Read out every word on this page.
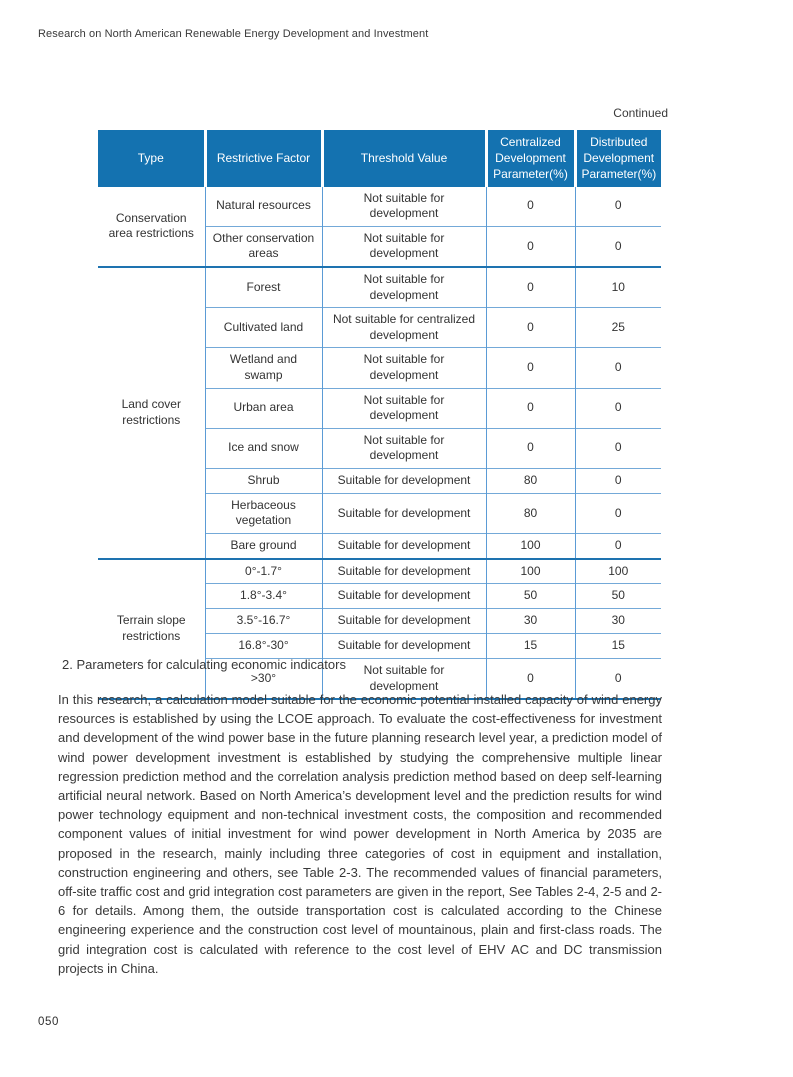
Research on North American Renewable Energy Development and Investment
Continued
Type	Restrictive Factor	Threshold Value	Centralized Development Parameter(%)	Distributed Development Parameter(%)
Conservation area restrictions	Natural resources	Not suitable for development	0	0
	Other conservation areas	Not suitable for development	0	0
Land cover restrictions	Forest	Not suitable for development	0	10
	Cultivated land	Not suitable for centralized development	0	25
	Wetland and swamp	Not suitable for development	0	0
	Urban area	Not suitable for development	0	0
	Ice and snow	Not suitable for development	0	0
	Shrub	Suitable for development	80	0
	Herbaceous vegetation	Suitable for development	80	0
	Bare ground	Suitable for development	100	0
Terrain slope restrictions	0°-1.7°	Suitable for development	100	100
	1.8°-3.4°	Suitable for development	50	50
	3.5°-16.7°	Suitable for development	30	30
	16.8°-30°	Suitable for development	15	15
	>30°	Not suitable for development	0	0
2. Parameters for calculating economic indicators
In this research, a calculation model suitable for the economic potential installed capacity of wind energy resources is established by using the LCOE approach. To evaluate the cost-effectiveness for investment and development of the wind power base in the future planning research level year, a prediction model of wind power development investment is established by studying the comprehensive multiple linear regression prediction method and the correlation analysis prediction method based on deep self-learning artificial neural network. Based on North America’s development level and the prediction results for wind power technology equipment and non-technical investment costs, the composition and recommended component values of initial investment for wind power development in North America by 2035 are proposed in the research, mainly including three categories of cost in equipment and installation, construction engineering and others, see Table 2-3. The recommended values of financial parameters, off-site traffic cost and grid integration cost parameters are given in the report, See Tables 2-4, 2-5 and 2-6 for details. Among them, the outside transportation cost is calculated according to the Chinese engineering experience and the construction cost level of mountainous, plain and first-class roads. The grid integration cost is calculated with reference to the cost level of EHV AC and DC transmission projects in China.
050
